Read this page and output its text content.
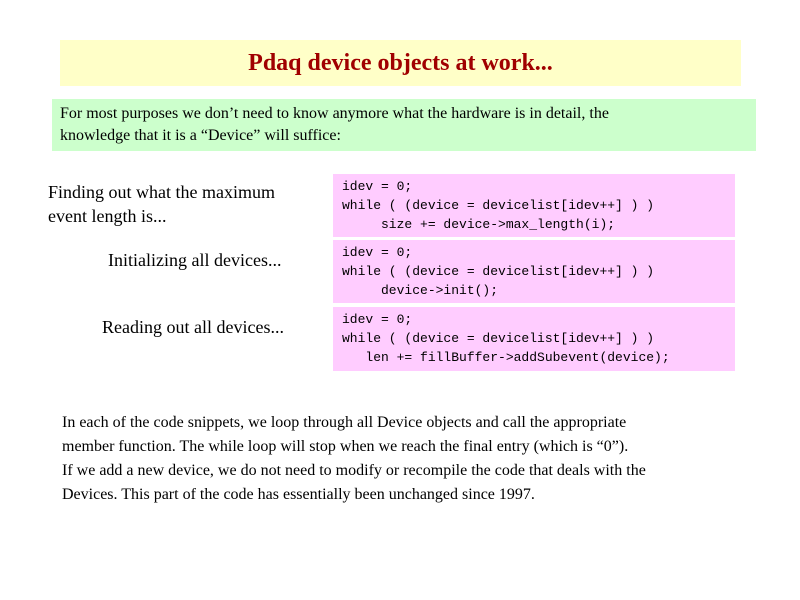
Pdaq device objects at work...

For most purposes we don’t need to know anymore what the hardware is in detail, the

knowledge that it is a “Device” will suffice:

Finding out what the maximum
event length is...
idev = 0;
while ( (device = devicelist[idev++] ) )
size += device->max_length(i);
Initializing all devices...	idev = 0;
while ( (device = devicelist[idev++] ) )
device->init();
Reading out all devices...	idev = 0;
while ( (device = devicelist[idev++] ) )
len += fillBuffer->addSubevent(device);

In each of the code snippets, we loop through all Device objects and call the appropriate

member function. The while loop will stop when we reach the final entry (which is “0”).

If we add a new device, we do not need to modify or recompile the code that deals with the

Devices. This part of the code has essentially been unchanged since 1997.
